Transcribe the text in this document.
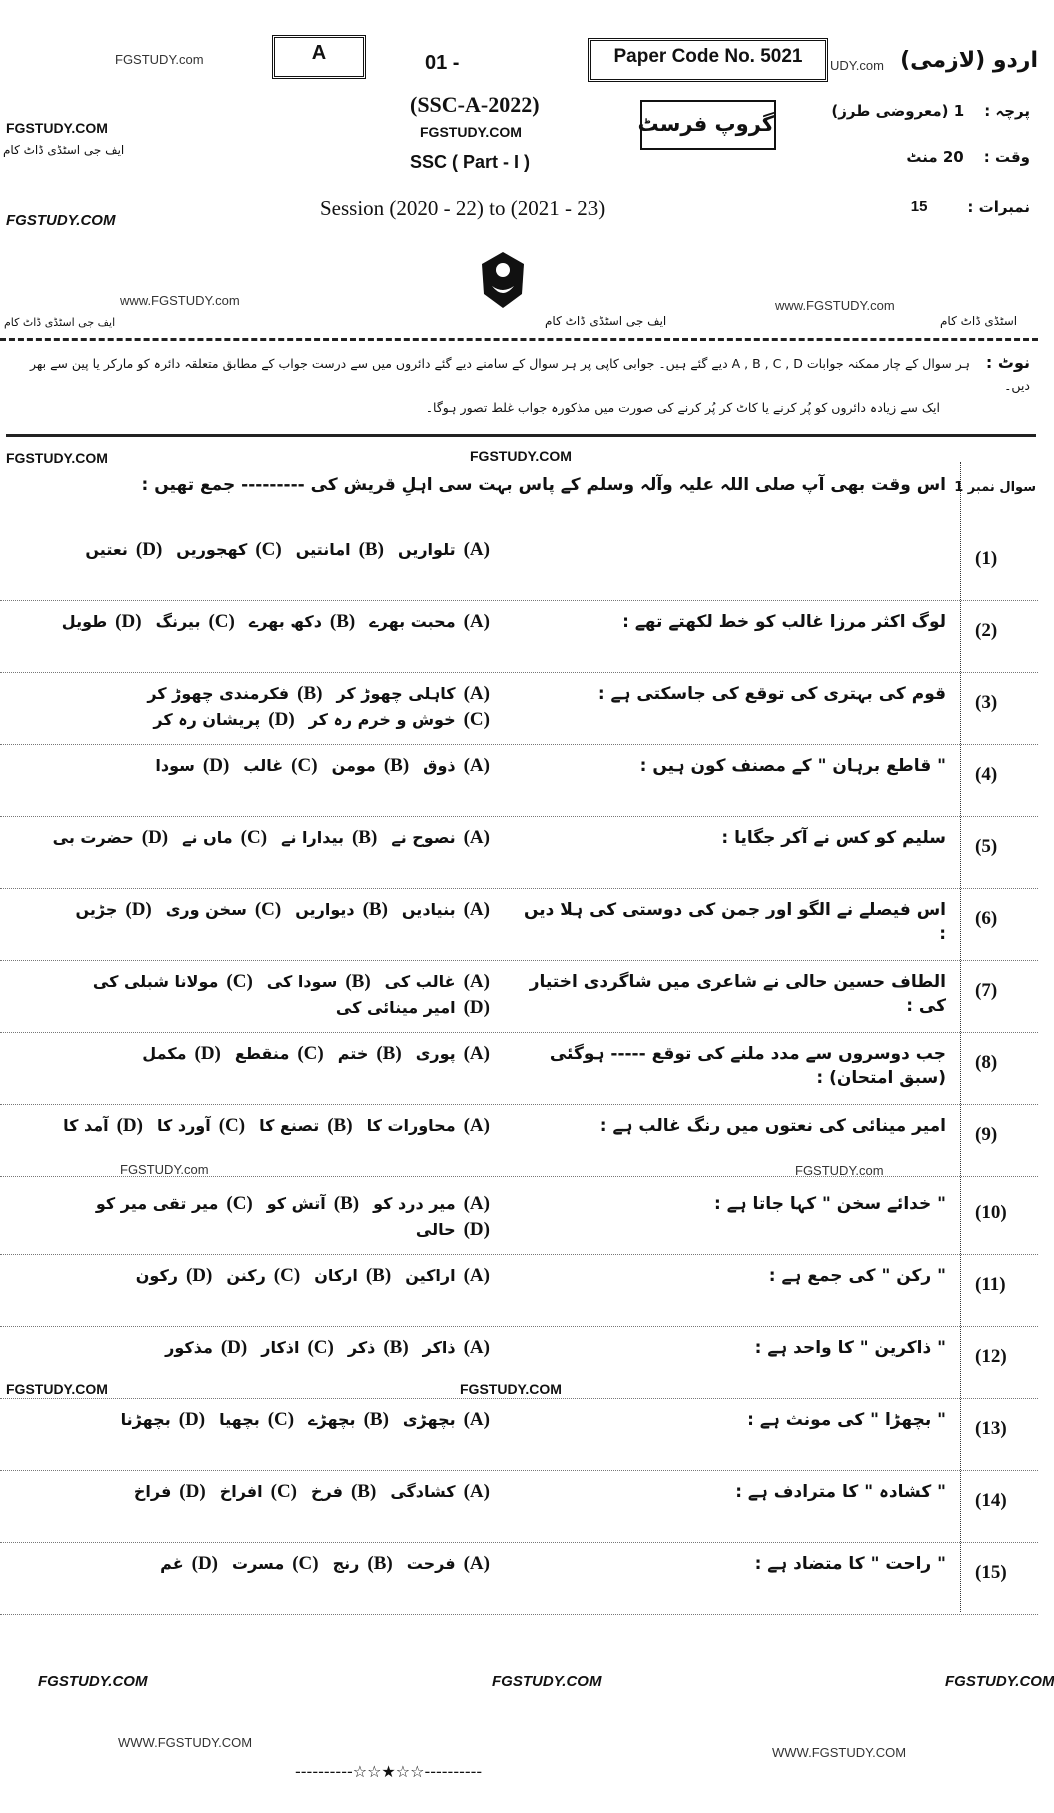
FGSTUDY.com	A	01 -	Paper Code No. 5021	UDY.com اردو (لازمی)
(SSC-A-2022)
FGSTUDY.COM	FGSTUDY.COM
ایف جی اسٹڈی ڈاٹ کام
گروپ فرسٹ
SSC ( Part - I )
پرچہ :
1 (معروضی طرز)
وقت :
20 منٹ
نمبرات :
15
FGSTUDY.COM
Session (2020 - 22) to (2021 - 23)
www.FGSTUDY.com	www.FGSTUDY.com
ایف جی اسٹڈی ڈاٹ کام	اسٹڈی ڈاٹ کام
ایف جی اسٹڈی ڈاٹ کام
نوٹ : ہر سوال کے چار ممکنہ جوابات A , B , C , D دیے گئے ہیں۔ جوابی کاپی پر ہر سوال کے سامنے دیے گئے دائروں میں سے درست جواب کے مطابق متعلقہ دائرہ کو مارکر یا پین سے بھر دیں۔
ایک سے زیادہ دائروں کو پُر کرنے یا کاٹ کر پُر کرنے کی صورت میں مذکورہ جواب غلط تصور ہوگا۔
FGSTUDY.COM	FGSTUDY.COM
سوال نمبر 1
اس وقت بھی آپ صلی اللہ علیہ وآلہ وسلم کے پاس بہت سی اہلِ قریش کی --------- جمع تھیں :
(1)
(A)
تلواریں
(B)
امانتیں
(C)
کھجوریں
(D)
نعتیں
(2)
لوگ اکثر مرزا غالب کو خط لکھتے تھے :
(A)
محبت بھرے
(B)
دکھ بھرے
(C)
بیرنگ
(D)
طویل
(3)
قوم کی بہتری کی توقع کی جاسکتی ہے :
(A)
کاہلی چھوڑ کر
(B)
فکرمندی چھوڑ کر
(C)
خوش و خرم رہ کر
(D)
پریشان رہ کر
(4)
" قاطع برہان " کے مصنف کون ہیں :
(A)
ذوق
(B)
مومن
(C)
غالب
(D)
سودا
(5)
سلیم کو کس نے آکر جگایا :
(A)
نصوح نے
(B)
بیدارا نے
(C)
ماں نے
(D)
حضرت بی
(6)
اس فیصلے نے الگو اور جمن کی دوستی کی ہلا دیں :
(A)
بنیادیں
(B)
دیواریں
(C)
سخن وری
(D)
جڑیں
(7)
الطاف حسین حالی نے شاعری میں شاگردی اختیار کی :
(A)
غالب کی
(B)
سودا کی
(C)
مولانا شبلی کی
(D)
امیر مینائی کی
(8)
جب دوسروں سے مدد ملنے کی توقع ----- ہوگئی (سبق امتحان) :
(A)
پوری
(B)
ختم
(C)
منقطع
(D)
مکمل
(9)
امیر مینائی کی نعتوں میں رنگ غالب ہے :
(A)
محاورات کا
(B)
تصنع کا
(C)
آورد کا
(D)
آمد کا
(10)
" خدائے سخن " کہا جاتا ہے :
(A)
میر درد کو
(B)
آتش کو
(C)
میر تقی میر کو
(D)
حالی
(11)
" رکن " کی جمع ہے :
(A)
اراکین
(B)
ارکان
(C)
رکنن
(D)
رکون
(12)
" ذاکرین " کا واحد ہے :
(A)
ذاکر
(B)
ذکر
(C)
اذکار
(D)
مذکور
(13)
" بچھڑا " کی مونث ہے :
(A)
بچھڑی
(B)
بچھڑے
(C)
بچھیا
(D)
بچھڑنا
(14)
" کشادہ " کا مترادف ہے :
(A)
کشادگی
(B)
فرخ
(C)
افراخ
(D)
فراخ
(15)
" راحت " کا متضاد ہے :
(A)
فرحت
(B)
رنج
(C)
مسرت
(D)
غم
FGSTUDY.com	FGSTUDY.com
FGSTUDY.COM	FGSTUDY.COM
FGSTUDY.COM	FGSTUDY.COM	FGSTUDY.COM
WWW.FGSTUDY.COM
WWW.FGSTUDY.COM
----------☆☆★☆☆----------
